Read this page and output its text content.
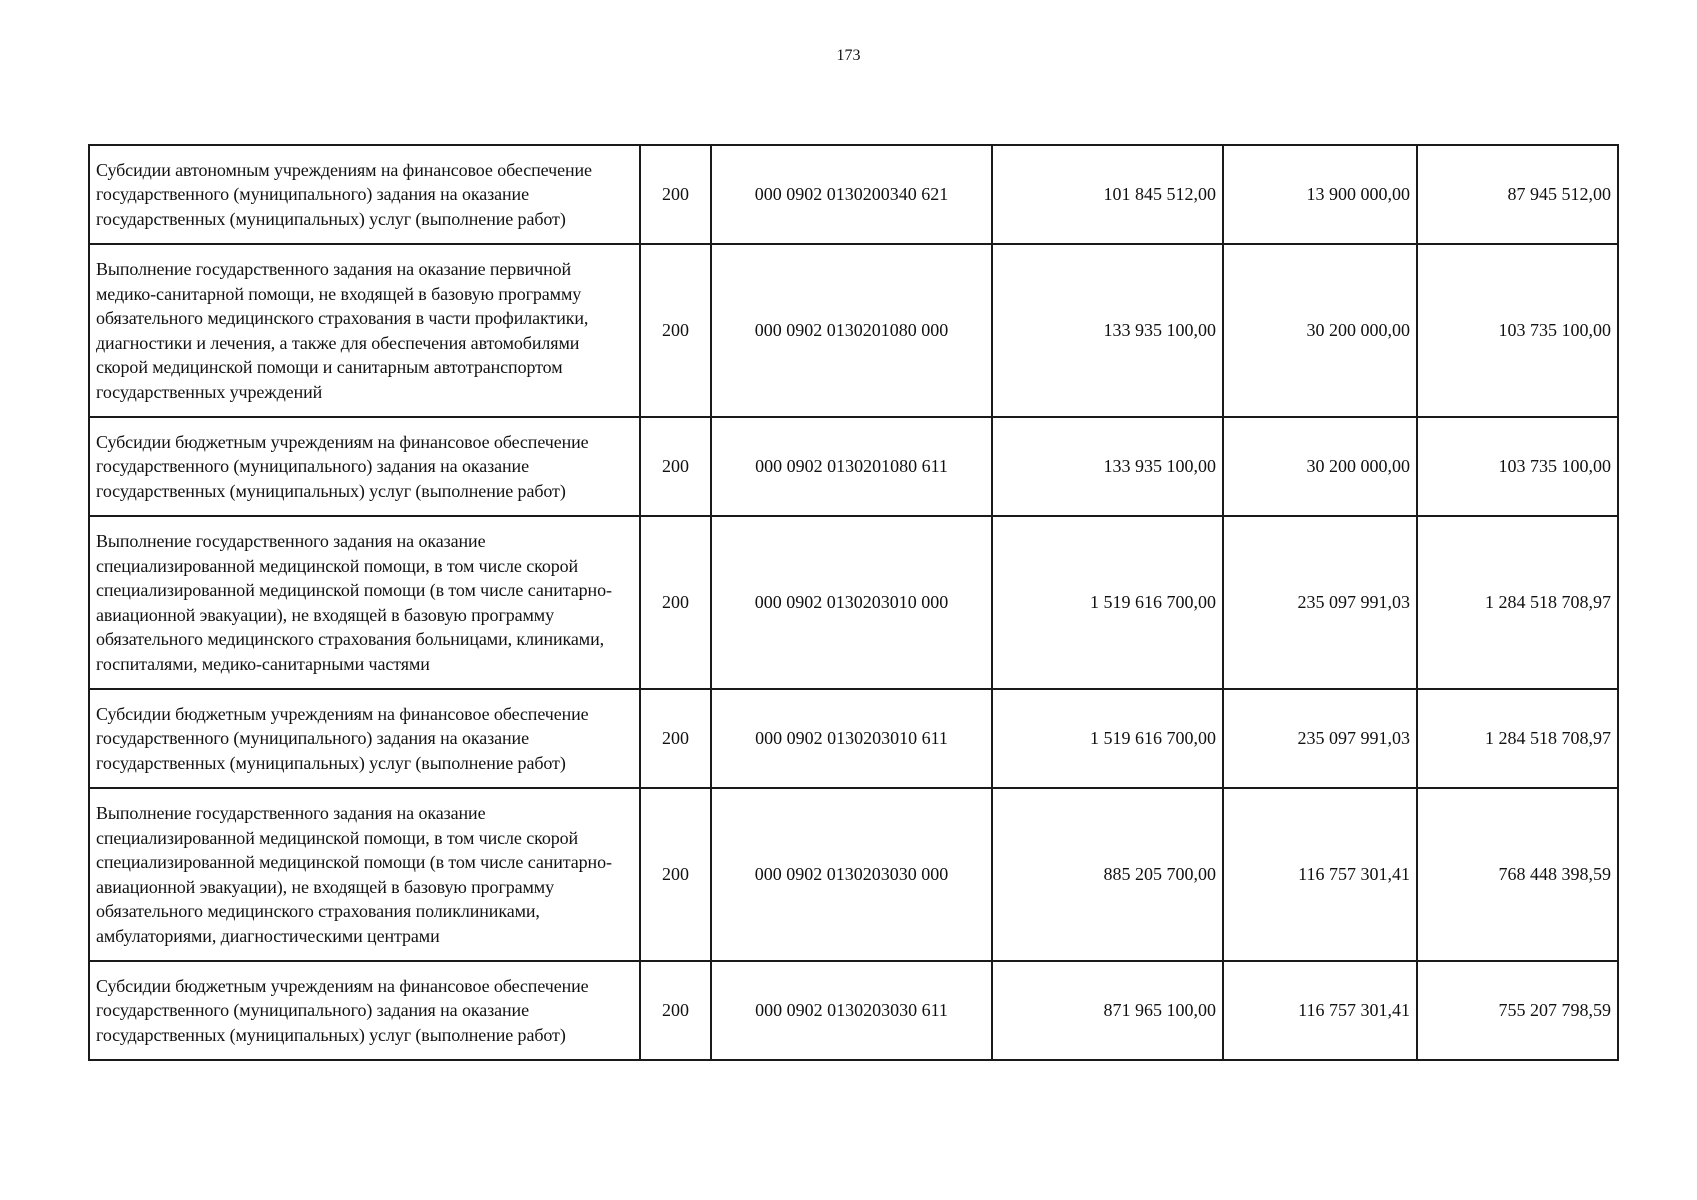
173
Субсидии автономным учреждениям на финансовое обеспечение государственного (муниципального) задания на оказание государственных (муниципальных) услуг (выполнение работ)	200	000 0902 0130200340 621	101 845 512,00	13 900 000,00	87 945 512,00
Выполнение государственного задания на оказание первичной медико-санитарной помощи, не входящей в базовую программу обязательного медицинского страхования в части профилактики, диагностики и лечения, а также для обеспечения автомобилями скорой медицинской помощи и санитарным автотранспортом государственных учреждений	200	000 0902 0130201080 000	133 935 100,00	30 200 000,00	103 735 100,00
Субсидии бюджетным учреждениям на финансовое обеспечение государственного (муниципального) задания на оказание государственных (муниципальных) услуг (выполнение работ)	200	000 0902 0130201080 611	133 935 100,00	30 200 000,00	103 735 100,00
Выполнение государственного задания на оказание специализированной медицинской помощи, в том числе скорой специализированной медицинской помощи (в том числе санитарно-авиационной эвакуации), не входящей в базовую программу обязательного медицинского страхования больницами, клиниками, госпиталями, медико-санитарными частями	200	000 0902 0130203010 000	1 519 616 700,00	235 097 991,03	1 284 518 708,97
Субсидии бюджетным учреждениям на финансовое обеспечение государственного (муниципального) задания на оказание государственных (муниципальных) услуг (выполнение работ)	200	000 0902 0130203010 611	1 519 616 700,00	235 097 991,03	1 284 518 708,97
Выполнение государственного задания на оказание специализированной медицинской помощи, в том числе скорой специализированной медицинской помощи (в том числе санитарно-авиационной эвакуации), не входящей в базовую программу обязательного медицинского страхования поликлиниками, амбулаториями, диагностическими центрами	200	000 0902 0130203030 000	885 205 700,00	116 757 301,41	768 448 398,59
Субсидии бюджетным учреждениям на финансовое обеспечение государственного (муниципального) задания на оказание государственных (муниципальных) услуг (выполнение работ)	200	000 0902 0130203030 611	871 965 100,00	116 757 301,41	755 207 798,59
